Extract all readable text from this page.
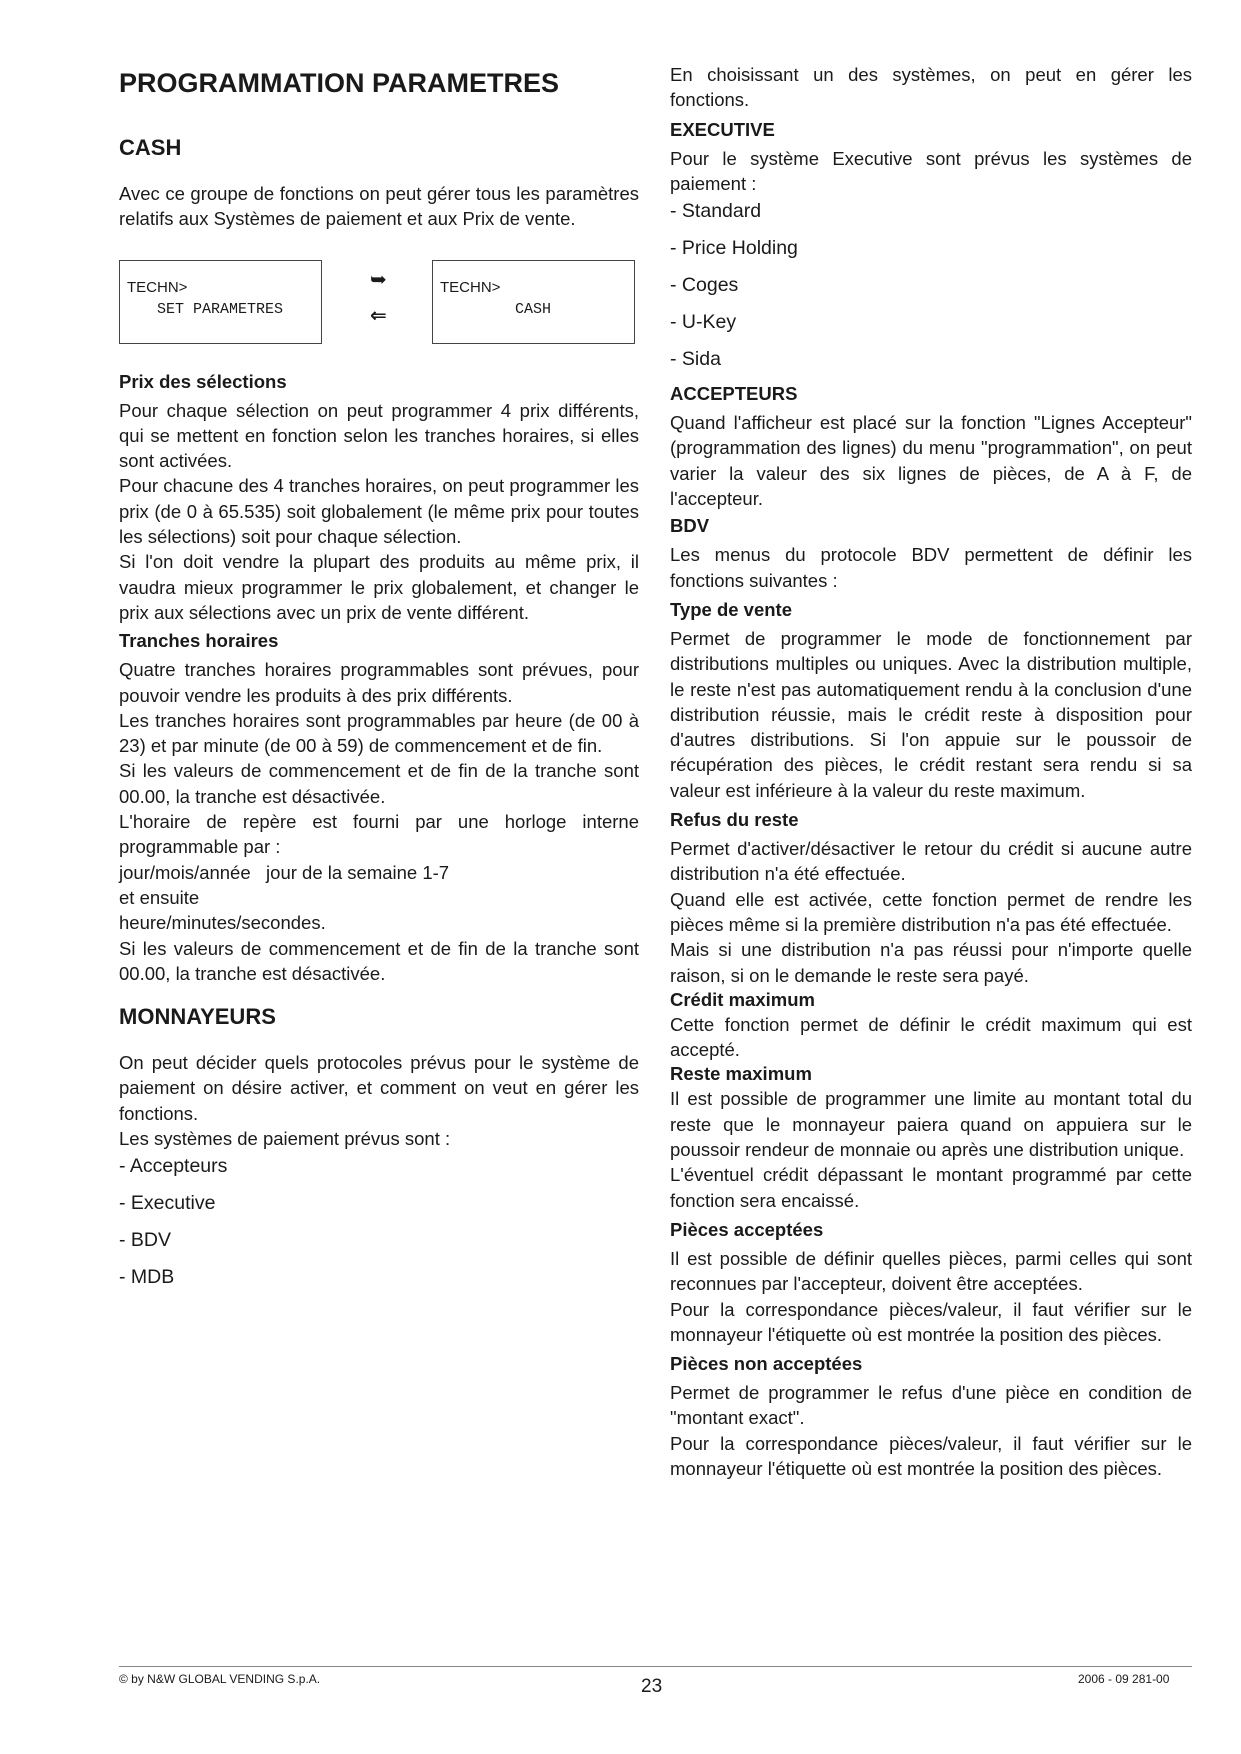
PROGRAMMATION PARAMETRES
CASH

Avec ce groupe de fonctions on peut gérer tous les paramètres relatifs aux Systèmes de paiement et aux Prix de vente.

TECHN>
SET PARAMETRES
➥
⇐
TECHN>
CASH
Prix des sélections

Pour chaque sélection on peut programmer 4 prix différents, qui se mettent en fonction selon les tranches horaires, si elles sont activées.

Pour chacune des 4 tranches horaires, on peut programmer les prix (de 0 à 65.535) soit globalement (le même prix pour toutes les sélections) soit pour chaque sélection.

Si l'on doit vendre la plupart des produits au même prix, il vaudra mieux programmer le prix globalement, et changer le prix aux sélections avec un prix de vente différent.

Tranches horaires

Quatre tranches horaires programmables sont prévues, pour pouvoir vendre les produits à des prix différents.

Les tranches horaires sont programmables par heure (de 00 à 23) et par minute (de 00 à 59) de commencement et de fin.

Si les valeurs de commencement et de fin de la tranche sont 00.00, la tranche est désactivée.

L'horaire de repère est fourni par une horloge interne programmable par :

jour/mois/année   jour de la semaine 1-7

et ensuite

heure/minutes/secondes.

Si les valeurs de commencement et de fin de la tranche sont 00.00, la tranche est désactivée.

MONNAYEURS

On peut décider quels protocoles prévus pour le système de paiement on désire activer, et comment on veut en gérer les fonctions.

Les systèmes de paiement prévus sont :

- Accepteurs
- Executive
- BDV
- MDB

En choisissant un des systèmes, on peut en gérer les fonctions.

EXECUTIVE

Pour le système Executive sont prévus les systèmes de paiement :

- Standard
- Price Holding
- Coges
- U-Key
- Sida
ACCEPTEURS

Quand l'afficheur est placé sur la fonction "Lignes Accepteur" (programmation des lignes) du menu "programmation", on peut varier la valeur des six lignes de pièces, de A à F, de l'accepteur.

BDV

Les menus du protocole BDV permettent de définir les fonctions suivantes :

Type de vente

Permet de programmer le mode de fonctionnement par distributions multiples ou uniques. Avec la distribution multiple, le reste n'est pas automatiquement rendu à la conclusion d'une distribution réussie, mais le crédit reste à disposition pour d'autres distributions. Si l'on appuie sur le poussoir de récupération des pièces, le crédit restant sera rendu si sa valeur est inférieure à la valeur du reste maximum.

Refus du reste

Permet d'activer/désactiver le retour du crédit si aucune autre distribution n'a été effectuée.

Quand elle est activée, cette fonction permet de rendre les pièces même si la première distribution n'a pas été effectuée.

Mais si une distribution n'a pas réussi pour n'importe quelle raison, si on le demande le reste sera payé.

Crédit maximum

Cette fonction permet de définir le crédit maximum qui est accepté.

Reste maximum

Il est possible de programmer une limite au montant total du reste que le monnayeur paiera quand on appuiera sur le poussoir rendeur de monnaie ou après une distribution unique.

L'éventuel crédit dépassant le montant programmé par cette fonction sera encaissé.

Pièces acceptées

Il est possible de définir quelles pièces, parmi celles qui sont reconnues par l'accepteur, doivent être acceptées.

Pour la correspondance pièces/valeur, il faut vérifier sur le monnayeur l'étiquette où est montrée la position des pièces.

Pièces non acceptées

Permet de programmer le refus d'une pièce en condition de "montant exact".

Pour la correspondance pièces/valeur, il faut vérifier sur le monnayeur l'étiquette où est montrée la position des pièces.

© by N&W GLOBAL VENDING S.p.A.	23	2006 - 09 281-00
